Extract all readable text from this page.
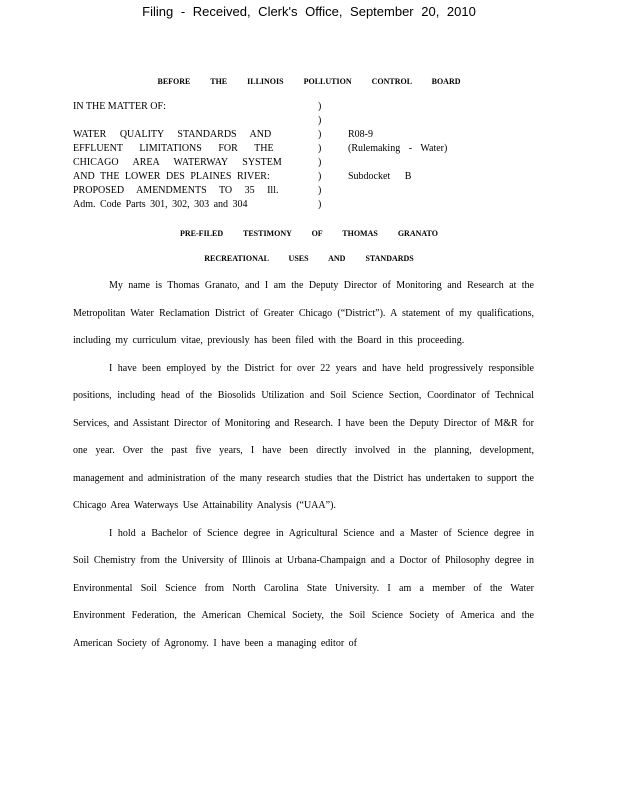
Filing - Received, Clerk's Office, September 20, 2010
BEFORE THE ILLINOIS POLLUTION CONTROL BOARD
IN THE MATTER OF:

WATER QUALITY STANDARDS AND
EFFLUENT LIMITATIONS FOR THE
CHICAGO AREA WATERWAY SYSTEM
AND THE LOWER DES PLAINES RIVER:
PROPOSED AMENDMENTS TO 35 Ill.
Adm. Code Parts 301, 302, 303 and 304
)
)
)
)
)
)
)
)
R08-9
(Rulemaking - Water)
Subdocket B
PRE-FILED TESTIMONY OF THOMAS GRANATO
RECREATIONAL USES AND STANDARDS

My name is Thomas Granato, and I am the Deputy Director of Monitoring and Research at the Metropolitan Water Reclamation District of Greater Chicago (“District”). A statement of my qualifications, including my curriculum vitae, previously has been filed with the Board in this proceeding.

I have been employed by the District for over 22 years and have held progressively responsible positions, including head of the Biosolids Utilization and Soil Science Section, Coordinator of Technical Services, and Assistant Director of Monitoring and Research. I have been the Deputy Director of M&R for one year. Over the past five years, I have been directly involved in the planning, development, management and administration of the many research studies that the District has undertaken to support the Chicago Area Waterways Use Attainability Analysis (“UAA”).

I hold a Bachelor of Science degree in Agricultural Science and a Master of Science degree in Soil Chemistry from the University of Illinois at Urbana-Champaign and a Doctor of Philosophy degree in Environmental Soil Science from North Carolina State University. I am a member of the Water Environment Federation, the American Chemical Society, the Soil Science Society of America and the American Society of Agronomy. I have been a managing editor of
